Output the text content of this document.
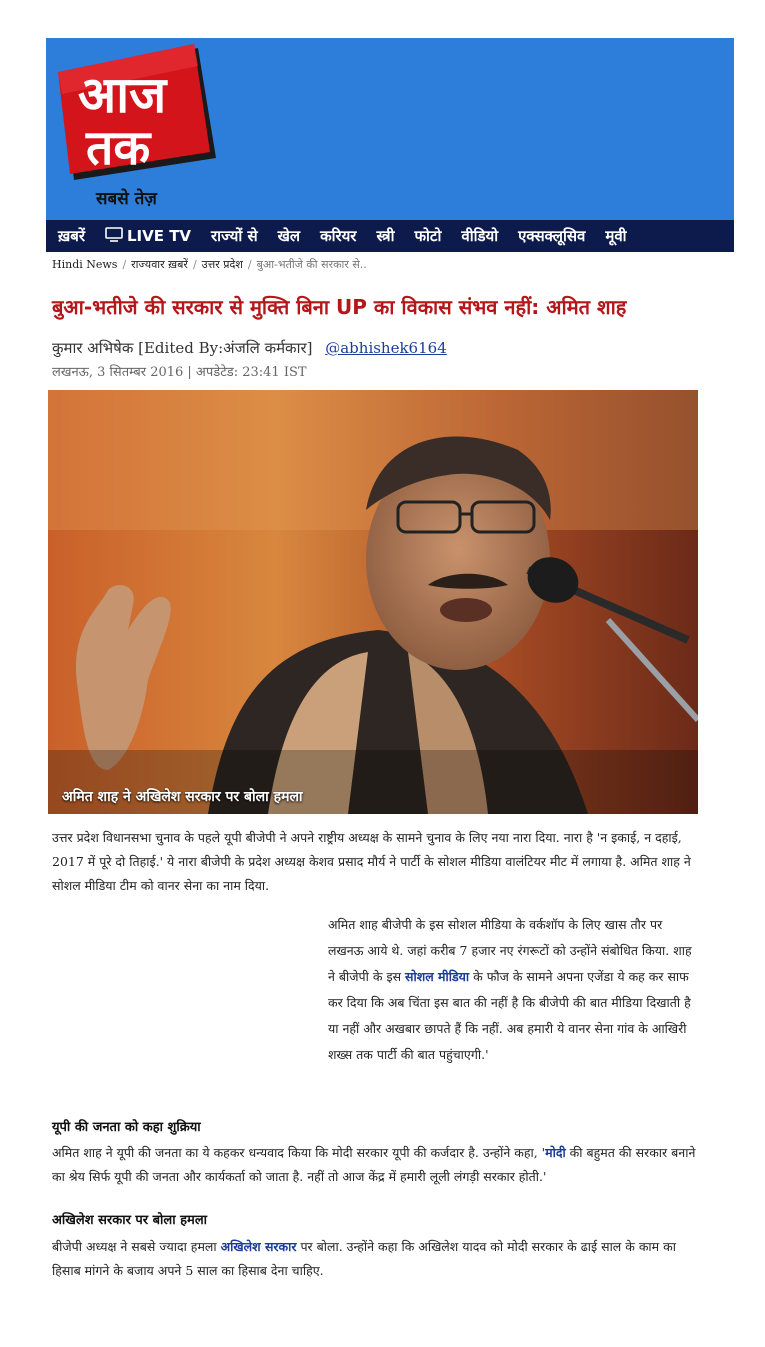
आज
तक
सबसे तेज़
ख़बरें	LIVE TV राज्यों से खेल करियर स्त्री फोटो वीडियो एक्सक्लूसिव मूवी
Hindi News / राज्यवार ख़बरें / उत्तर प्रदेश / बुआ-भतीजे की सरकार से..
बुआ-भतीजे की सरकार से मुक्ति बिना UP का विकास संभव नहीं: अमित शाह
कुमार अभिषेक [Edited By:अंजलि कर्मकार] @abhishek6164
लखनऊ, 3 सितम्बर 2016 | अपडेटेड: 23:41 IST
अमित शाह ने अखिलेश सरकार पर बोला हमला

उत्तर प्रदेश विधानसभा चुनाव के पहले यूपी बीजेपी ने अपने राष्ट्रीय अध्यक्ष के सामने चुनाव के लिए नया नारा दिया. नारा है 'न इकाई, न दहाई, 2017 में पूरे दो तिहाई.' ये नारा बीजेपी के प्रदेश अध्यक्ष केशव प्रसाद मौर्य ने पार्टी के सोशल मीडिया वालंटियर मीट में लगाया है. अमित शाह ने सोशल मीडिया टीम को वानर सेना का नाम दिया.

अमित शाह बीजेपी के इस सोशल मीडिया के वर्कशॉप के लिए खास तौर पर लखनऊ आये थे. जहां करीब 7 हजार नए रंगरूटों को उन्होंने संबोधित किया. शाह ने बीजेपी के इस सोशल मीडिया के फौज के सामने अपना एजेंडा ये कह कर साफ कर दिया कि अब चिंता इस बात की नहीं है कि बीजेपी की बात मीडिया दिखाती है या नहीं और अखबार छापते हैं कि नहीं. अब हमारी ये वानर सेना गांव के आखिरी शख्स तक पार्टी की बात पहुंचाएगी.'

यूपी की जनता को कहा शुक्रिया

अमित शाह ने यूपी की जनता का ये कहकर धन्यवाद किया कि मोदी सरकार यूपी की कर्जदार है. उन्होंने कहा, 'मोदी की बहुमत की सरकार बनाने का श्रेय सिर्फ यूपी की जनता और कार्यकर्ता को जाता है. नहीं तो आज केंद्र में हमारी लूली लंगड़ी सरकार होती.'

अखिलेश सरकार पर बोला हमला

बीजेपी अध्यक्ष ने सबसे ज्यादा हमला अखिलेश सरकार पर बोला. उन्होंने कहा कि अखिलेश यादव को मोदी सरकार के ढाई साल के काम का हिसाब मांगने के बजाय अपने 5 साल का हिसाब देना चाहिए.
